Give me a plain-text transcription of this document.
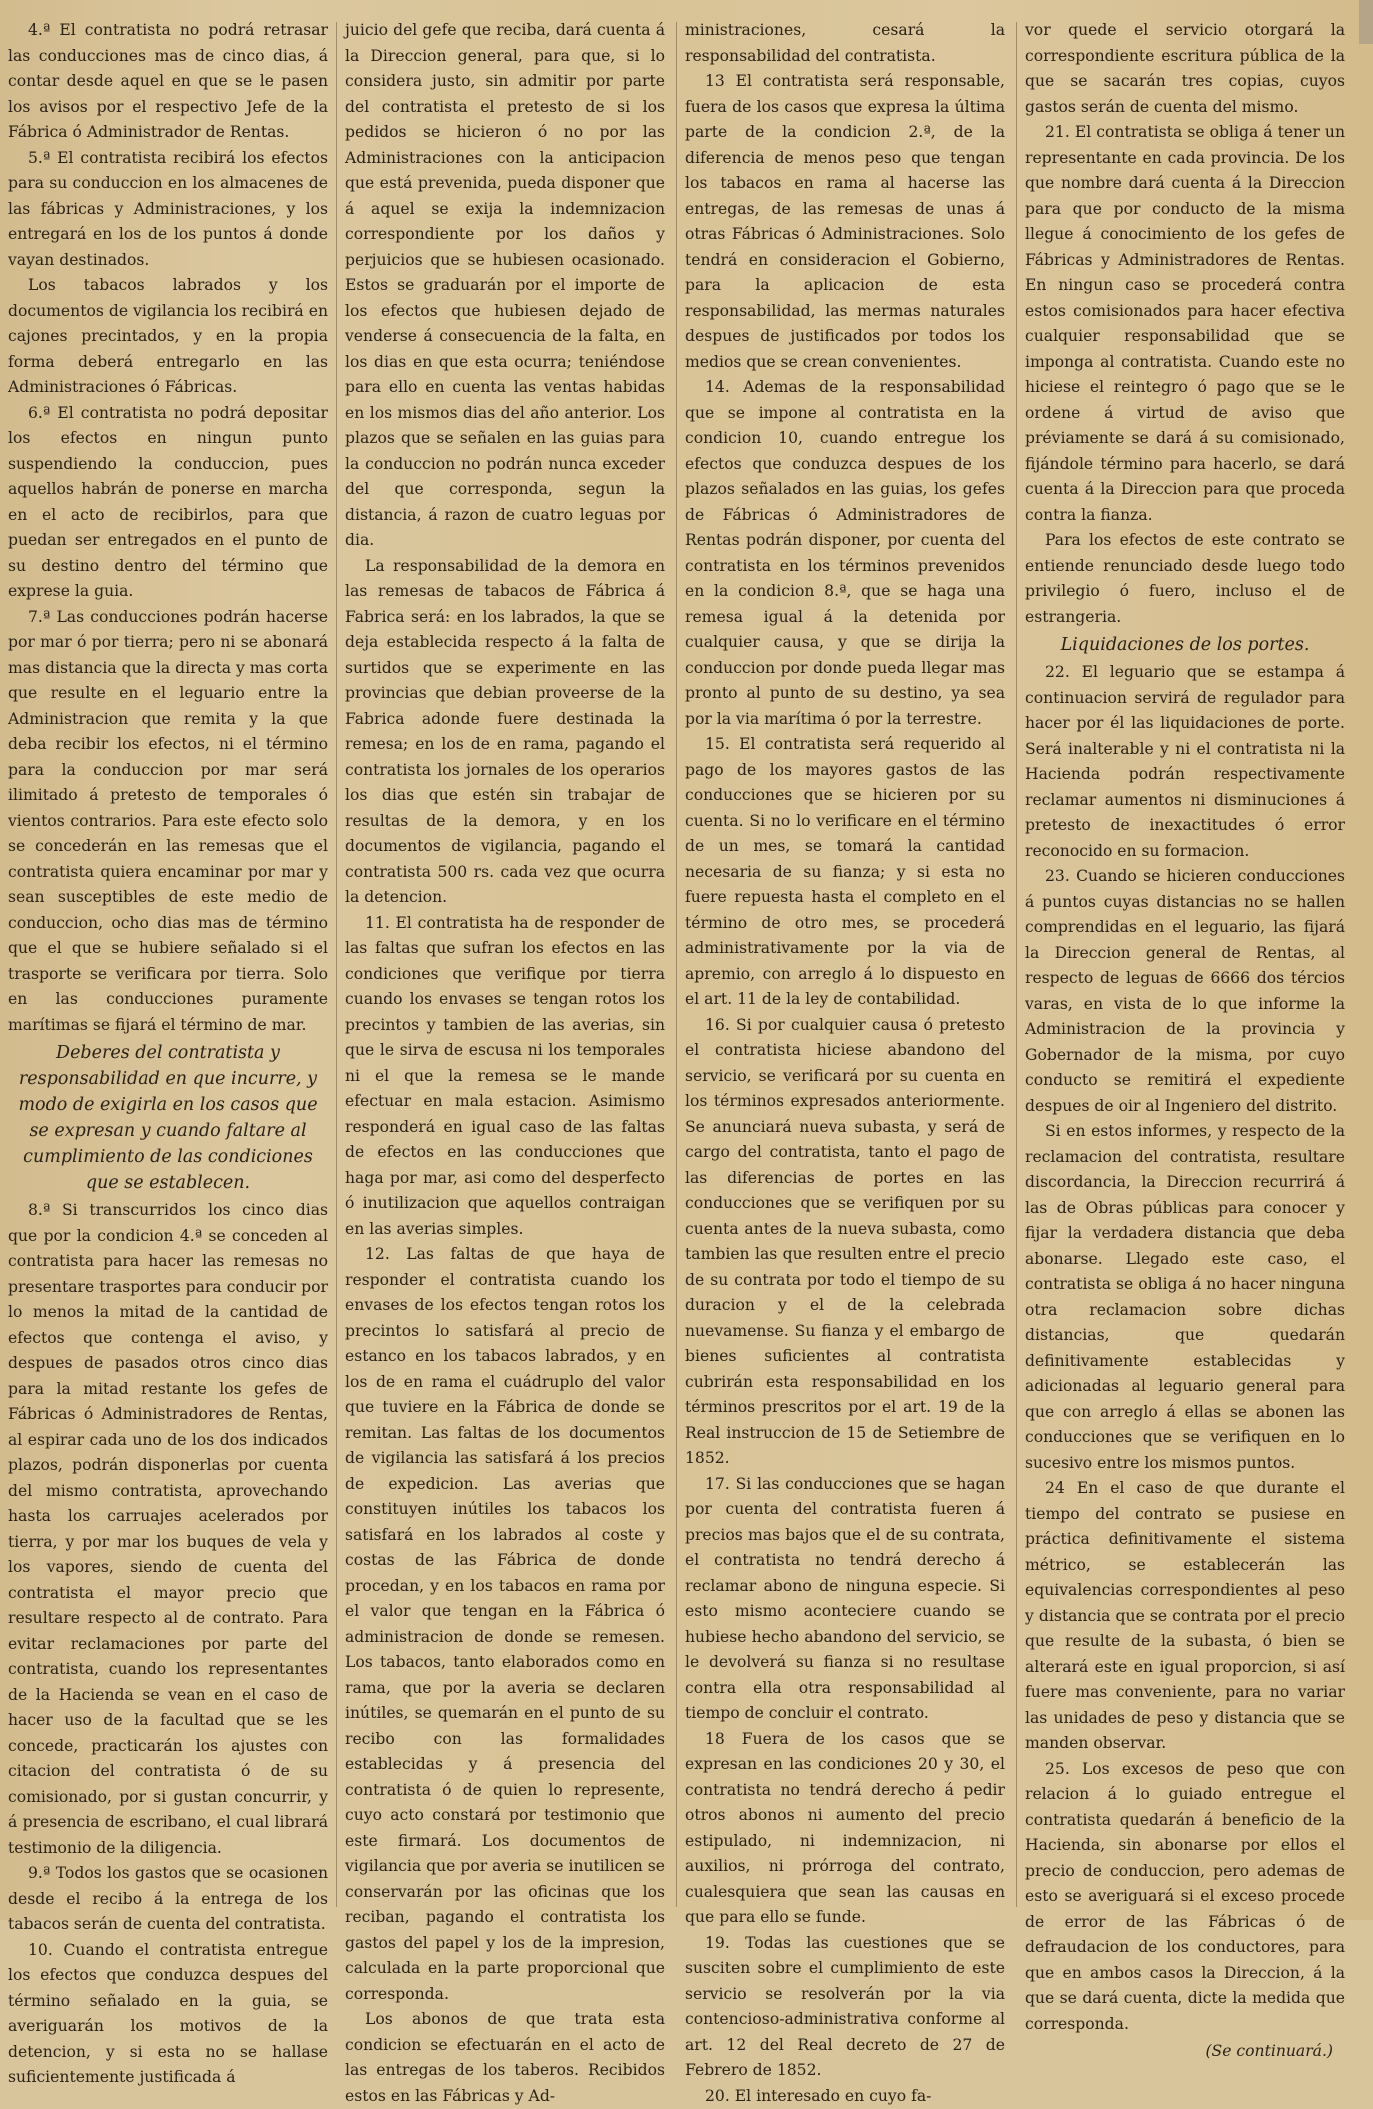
4.ª El contratista no podrá retrasar las conducciones mas de cinco dias, á contar desde aquel en que se le pasen los avisos por el respectivo Jefe de la Fábrica ó Administrador de Rentas.

5.ª El contratista recibirá los efectos para su conduccion en los almacenes de las fábricas y Administraciones, y los entregará en los de los puntos á donde vayan destinados.

Los tabacos labrados y los documentos de vigilancia los recibirá en cajones precintados, y en la propia forma deberá entregarlo en las Administraciones ó Fábricas.

6.ª El contratista no podrá depositar los efectos en ningun punto suspendiendo la conduccion, pues aquellos habrán de ponerse en marcha en el acto de recibirlos, para que puedan ser entregados en el punto de su destino dentro del término que exprese la guia.

7.ª Las conducciones podrán hacerse por mar ó por tierra; pero ni se abonará mas distancia que la directa y mas corta que resulte en el leguario entre la Administracion que remita y la que deba recibir los efectos, ni el término para la conduccion por mar será ilimitado á pretesto de temporales ó vientos contrarios. Para este efecto solo se concederán en las remesas que el contratista quiera encaminar por mar y sean susceptibles de este medio de conduccion, ocho dias mas de término que el que se hubiere señalado si el trasporte se verificara por tierra. Solo en las conducciones puramente marítimas se fijará el término de mar.

Deberes del contratista y responsabilidad en que incurre, y modo de exigirla en los casos que se expresan y cuando faltare al cumplimiento de las condiciones que se establecen.

8.ª Si transcurridos los cinco dias que por la condicion 4.ª se conceden al contratista para hacer las remesas no presentare trasportes para conducir por lo menos la mitad de la cantidad de efectos que contenga el aviso, y despues de pasados otros cinco dias para la mitad restante los gefes de Fábricas ó Administradores de Rentas, al espirar cada uno de los dos indicados plazos, podrán disponerlas por cuenta del mismo contratista, aprovechando hasta los carruajes acelerados por tierra, y por mar los buques de vela y los vapores, siendo de cuenta del contratista el mayor precio que resultare respecto al de contrato. Para evitar reclamaciones por parte del contratista, cuando los representantes de la Hacienda se vean en el caso de hacer uso de la facultad que se les concede, practicarán los ajustes con citacion del contratista ó de su comisionado, por si gustan concurrir, y á presencia de escribano, el cual librará testimonio de la diligencia.

9.ª Todos los gastos que se ocasionen desde el recibo á la entrega de los tabacos serán de cuenta del contratista.

10. Cuando el contratista entregue los efectos que conduzca despues del término señalado en la guia, se averiguarán los motivos de la detencion, y si esta no se hallase suficientemente justificada á

juicio del gefe que reciba, dará cuenta á la Direccion general, para que, si lo considera justo, sin admitir por parte del contratista el pretesto de si los pedidos se hicieron ó no por las Administraciones con la anticipacion que está prevenida, pueda disponer que á aquel se exija la indemnizacion correspondiente por los daños y perjuicios que se hubiesen ocasionado. Estos se graduarán por el importe de los efectos que hubiesen dejado de venderse á consecuencia de la falta, en los dias en que esta ocurra; teniéndose para ello en cuenta las ventas habidas en los mismos dias del año anterior. Los plazos que se señalen en las guias para la conduccion no podrán nunca exceder del que corresponda, segun la distancia, á razon de cuatro leguas por dia.

La responsabilidad de la demora en las remesas de tabacos de Fábrica á Fabrica será: en los labrados, la que se deja establecida respecto á la falta de surtidos que se experimente en las provincias que debian proveerse de la Fabrica adonde fuere destinada la remesa; en los de en rama, pagando el contratista los jornales de los operarios los dias que estén sin trabajar de resultas de la demora, y en los documentos de vigilancia, pagando el contratista 500 rs. cada vez que ocurra la detencion.

11. El contratista ha de responder de las faltas que sufran los efectos en las condiciones que verifique por tierra cuando los envases se tengan rotos los precintos y tambien de las averias, sin que le sirva de escusa ni los temporales ni el que la remesa se le mande efectuar en mala estacion. Asimismo responderá en igual caso de las faltas de efectos en las conducciones que haga por mar, asi como del desperfecto ó inutilizacion que aquellos contraigan en las averias simples.

12. Las faltas de que haya de responder el contratista cuando los envases de los efectos tengan rotos los precintos lo satisfará al precio de estanco en los tabacos labrados, y en los de en rama el cuádruplo del valor que tuviere en la Fábrica de donde se remitan. Las faltas de los documentos de vigilancia las satisfará á los precios de expedicion. Las averias que constituyen inútiles los tabacos los satisfará en los labrados al coste y costas de las Fábrica de donde procedan, y en los tabacos en rama por el valor que tengan en la Fábrica ó administracion de donde se remesen. Los tabacos, tanto elaborados como en rama, que por la averia se declaren inútiles, se quemarán en el punto de su recibo con las formalidades establecidas y á presencia del contratista ó de quien lo represente, cuyo acto constará por testimonio que este firmará. Los documentos de vigilancia que por averia se inutilicen se conservarán por las oficinas que los reciban, pagando el contratista los gastos del papel y los de la impresion, calculada en la parte proporcional que corresponda.

Los abonos de que trata esta condicion se efectuarán en el acto de las entregas de los taberos. Recibidos estos en las Fábricas y Ad-

ministraciones, cesará la responsabilidad del contratista.

13 El contratista será responsable, fuera de los casos que expresa la última parte de la condicion 2.ª, de la diferencia de menos peso que tengan los tabacos en rama al hacerse las entregas, de las remesas de unas á otras Fábricas ó Administraciones. Solo tendrá en consideracion el Gobierno, para la aplicacion de esta responsabilidad, las mermas naturales despues de justificados por todos los medios que se crean convenientes.

14. Ademas de la responsabilidad que se impone al contratista en la condicion 10, cuando entregue los efectos que conduzca despues de los plazos señalados en las guias, los gefes de Fábricas ó Administradores de Rentas podrán disponer, por cuenta del contratista en los términos prevenidos en la condicion 8.ª, que se haga una remesa igual á la detenida por cualquier causa, y que se dirija la conduccion por donde pueda llegar mas pronto al punto de su destino, ya sea por la via marítima ó por la terrestre.

15. El contratista será requerido al pago de los mayores gastos de las conducciones que se hicieren por su cuenta. Si no lo verificare en el término de un mes, se tomará la cantidad necesaria de su fianza; y si esta no fuere repuesta hasta el completo en el término de otro mes, se procederá administrativamente por la via de apremio, con arreglo á lo dispuesto en el art. 11 de la ley de contabilidad.

16. Si por cualquier causa ó pretesto el contratista hiciese abandono del servicio, se verificará por su cuenta en los términos expresados anteriormente. Se anunciará nueva subasta, y será de cargo del contratista, tanto el pago de las diferencias de portes en las conducciones que se verifiquen por su cuenta antes de la nueva subasta, como tambien las que resulten entre el precio de su contrata por todo el tiempo de su duracion y el de la celebrada nuevamense. Su fianza y el embargo de bienes suficientes al contratista cubrirán esta responsabilidad en los términos prescritos por el art. 19 de la Real instruccion de 15 de Setiembre de 1852.

17. Si las conducciones que se hagan por cuenta del contratista fueren á precios mas bajos que el de su contrata, el contratista no tendrá derecho á reclamar abono de ninguna especie. Si esto mismo aconteciere cuando se hubiese hecho abandono del servicio, se le devolverá su fianza si no resultase contra ella otra responsabilidad al tiempo de concluir el contrato.

18 Fuera de los casos que se expresan en las condiciones 20 y 30, el contratista no tendrá derecho á pedir otros abonos ni aumento del precio estipulado, ni indemnizacion, ni auxilios, ni prórroga del contrato, cualesquiera que sean las causas en que para ello se funde.

19. Todas las cuestiones que se susciten sobre el cumplimiento de este servicio se resolverán por la via contencioso-administrativa conforme al art. 12 del Real decreto de 27 de Febrero de 1852.

20. El interesado en cuyo fa-

vor quede el servicio otorgará la correspondiente escritura pública de la que se sacarán tres copias, cuyos gastos serán de cuenta del mismo.

21. El contratista se obliga á tener un representante en cada provincia. De los que nombre dará cuenta á la Direccion para que por conducto de la misma llegue á conocimiento de los gefes de Fábricas y Administradores de Rentas. En ningun caso se procederá contra estos comisionados para hacer efectiva cualquier responsabilidad que se imponga al contratista. Cuando este no hiciese el reintegro ó pago que se le ordene á virtud de aviso que préviamente se dará á su comisionado, fijándole término para hacerlo, se dará cuenta á la Direccion para que proceda contra la fianza.

Para los efectos de este contrato se entiende renunciado desde luego todo privilegio ó fuero, incluso el de estrangeria.

Liquidaciones de los portes.

22. El leguario que se estampa á continuacion servirá de regulador para hacer por él las liquidaciones de porte. Será inalterable y ni el contratista ni la Hacienda podrán respectivamente reclamar aumentos ni disminuciones á pretesto de inexactitudes ó error reconocido en su formacion.

23. Cuando se hicieren conducciones á puntos cuyas distancias no se hallen comprendidas en el leguario, las fijará la Direccion general de Rentas, al respecto de leguas de 6666 dos tércios varas, en vista de lo que informe la Administracion de la provincia y Gobernador de la misma, por cuyo conducto se remitirá el expediente despues de oir al Ingeniero del distrito.

Si en estos informes, y respecto de la reclamacion del contratista, resultare discordancia, la Direccion recurrirá á las de Obras públicas para conocer y fijar la verdadera distancia que deba abonarse. Llegado este caso, el contratista se obliga á no hacer ninguna otra reclamacion sobre dichas distancias, que quedarán definitivamente establecidas y adicionadas al leguario general para que con arreglo á ellas se abonen las conducciones que se verifiquen en lo sucesivo entre los mismos puntos.

24 En el caso de que durante el tiempo del contrato se pusiese en práctica definitivamente el sistema métrico, se establecerán las equivalencias correspondientes al peso y distancia que se contrata por el precio que resulte de la subasta, ó bien se alterará este en igual proporcion, si así fuere mas conveniente, para no variar las unidades de peso y distancia que se manden observar.

25. Los excesos de peso que con relacion á lo guiado entregue el contratista quedarán á beneficio de la Hacienda, sin abonarse por ellos el precio de conduccion, pero ademas de esto se averiguará si el exceso procede de error de las Fábricas ó de defraudacion de los conductores, para que en ambos casos la Direccion, á la que se dará cuenta, dicte la medida que corresponda.

(Se continuará.)
